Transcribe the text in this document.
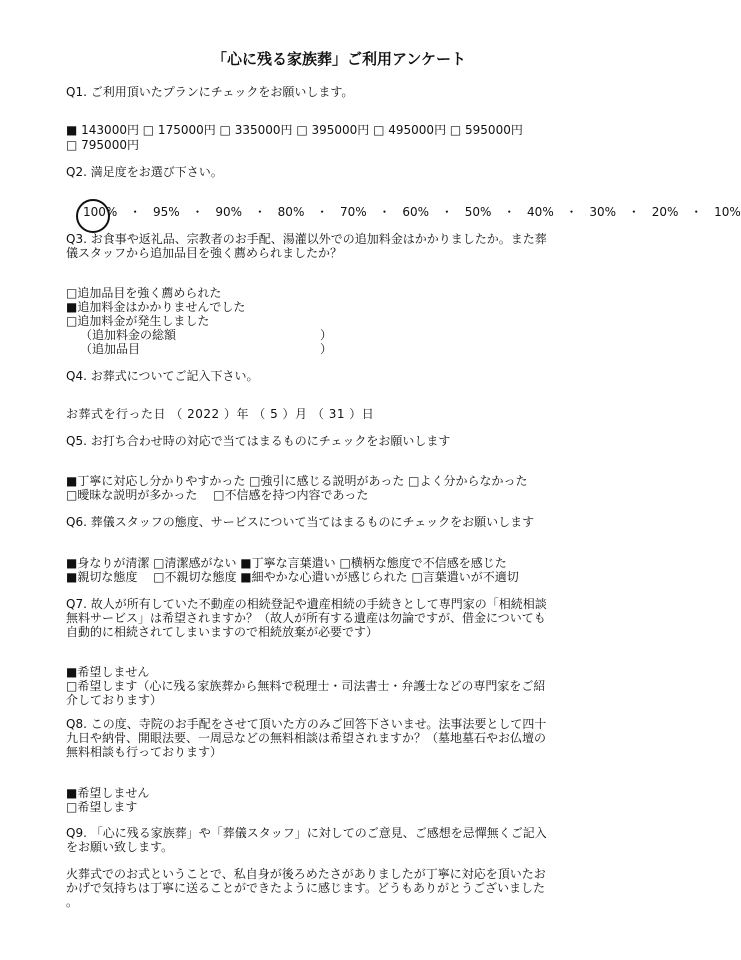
「心に残る家族葬」ご利用アンケート
Q1. ご利用頂いたプランにチェックをお願いします。
■ 143000円 □ 175000円 □ 335000円 □ 395000円 □ 495000円 □ 595000円
□ 795000円
Q2. 満足度をお選び下さい。
100% ・ 95% ・ 90% ・ 80% ・ 70% ・ 60% ・ 50% ・ 40% ・ 30% ・ 20% ・ 10%
Q3. お食事や返礼品、宗教者のお手配、湯灌以外での追加料金はかかりましたか。また葬
儀スタッフから追加品目を強く薦められましたか？
□追加品目を強く薦められた
■追加料金はかかりませんでした
□追加料金が発生しました
（追加料金の総額　　　　　　　　　　　　）
（追加品目　　　　　　　　　　　　　　　）
Q4. お葬式についてご記入下さい。
お葬式を行った日 （ 2022 ）年 （ 5 ）月 （ 31 ）日
Q5. お打ち合わせ時の対応で当てはまるものにチェックをお願いします
■丁寧に対応し分かりやすかった □強引に感じる説明があった □よく分からなかった
□曖昧な説明が多かった 　□不信感を持つ内容であった
Q6. 葬儀スタッフの態度、サービスについて当てはまるものにチェックをお願いします
■身なりが清潔 □清潔感がない ■丁寧な言葉遣い □横柄な態度で不信感を感じた
■親切な態度 　□不親切な態度 ■細やかな心遣いが感じられた □言葉遣いが不適切
Q7. 故人が所有していた不動産の相続登記や遺産相続の手続きとして専門家の「相続相談
無料サービス」は希望されますか？（故人が所有する遺産は勿論ですが、借金についても
自動的に相続されてしまいますので相続放棄が必要です）
■希望しません
□希望します（心に残る家族葬から無料で税理士・司法書士・弁護士などの専門家をご紹
介しております）
Q8. この度、寺院のお手配をさせて頂いた方のみご回答下さいませ。法事法要として四十
九日や納骨、開眼法要、一周忌などの無料相談は希望されますか？（墓地墓石やお仏壇の
無料相談も行っております）
■希望しません
□希望します
Q9. 「心に残る家族葬」や「葬儀スタッフ」に対してのご意見、ご感想を忌憚無くご記入
をお願い致します。
火葬式でのお式ということで、私自身が後ろめたさがありましたが丁寧に対応を頂いたお
かげで気持ちは丁寧に送ることができたように感じます。どうもありがとうございました
。
